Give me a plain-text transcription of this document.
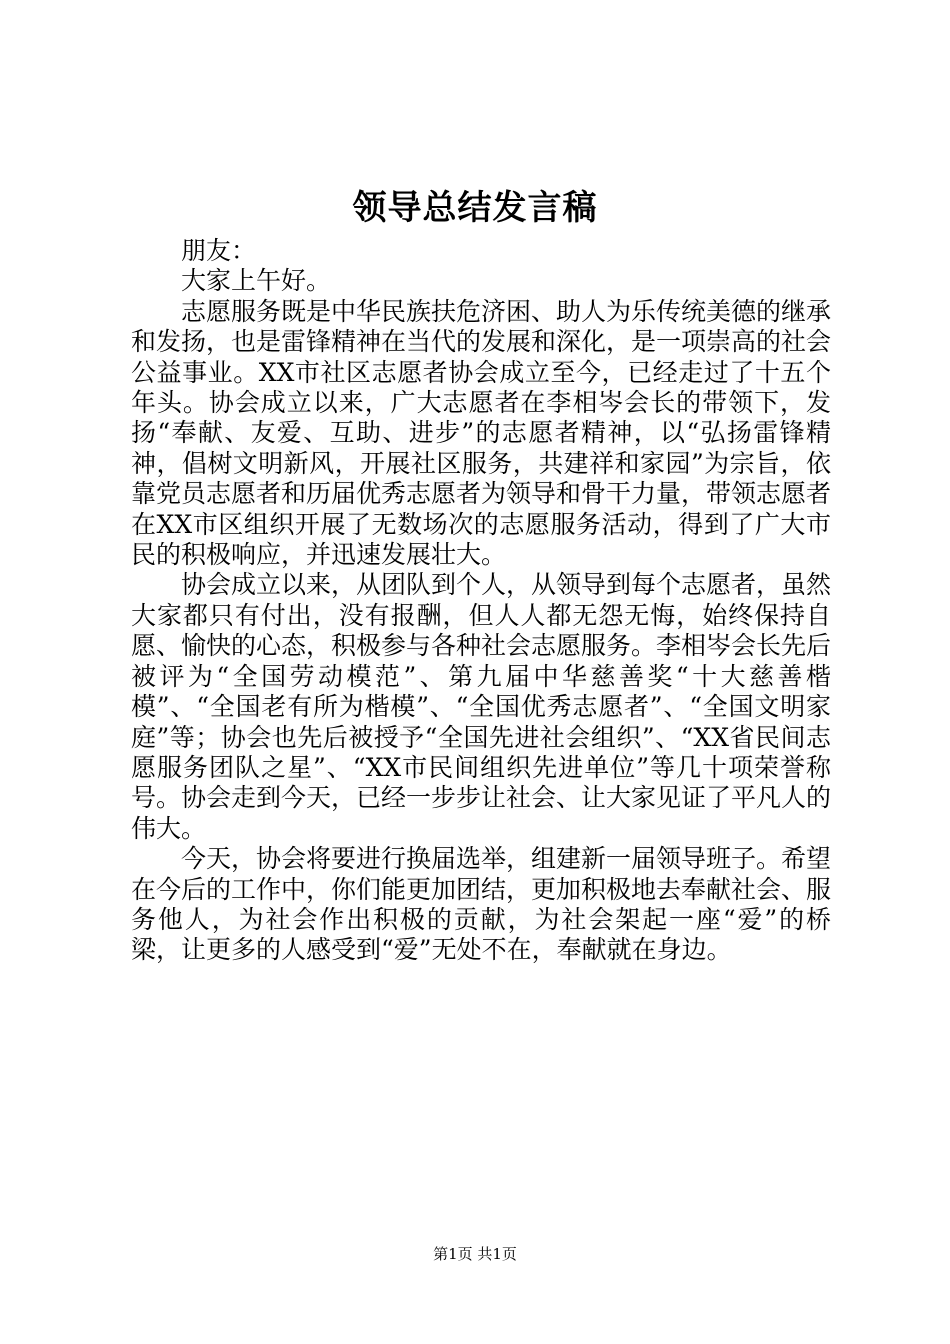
领导总结发言稿

朋友：

大家上午好。

志愿服务既是中华民族扶危济困、助人为乐传统美德的继承和发扬，也是雷锋精神在当代的发展和深化，是一项崇高的社会公益事业。XX市社区志愿者协会成立至今，已经走过了十五个年头。协会成立以来，广大志愿者在李相岑会长的带领下，发扬“奉献、友爱、互助、进步”的志愿者精神，以“弘扬雷锋精神，倡树文明新风，开展社区服务，共建祥和家园”为宗旨，依靠党员志愿者和历届优秀志愿者为领导和骨干力量，带领志愿者在XX市区组织开展了无数场次的志愿服务活动，得到了广大市民的积极响应，并迅速发展壮大。

协会成立以来，从团队到个人，从领导到每个志愿者，虽然大家都只有付出，没有报酬，但人人都无怨无悔，始终保持自愿、愉快的心态，积极参与各种社会志愿服务。李相岑会长先后被评为“全国劳动模范”、第九届中华慈善奖“十大慈善楷模”、“全国老有所为楷模”、“全国优秀志愿者”、“全国文明家庭”等；协会也先后被授予“全国先进社会组织”、“XX省民间志愿服务团队之星”、“XX市民间组织先进单位”等几十项荣誉称号。协会走到今天，已经一步步让社会、让大家见证了平凡人的伟大。

今天，协会将要进行换届选举，组建新一届领导班子。希望在今后的工作中，你们能更加团结，更加积极地去奉献社会、服务他人，为社会作出积极的贡献，为社会架起一座“爱”的桥梁，让更多的人感受到“爱”无处不在，奉献就在身边。

第1页 共1页
